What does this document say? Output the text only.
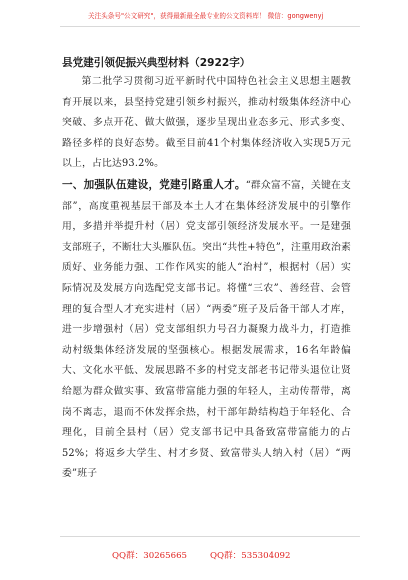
关注头条号"公文研究"，获得最新最全最专业的公文资料库！ 微信：gongwenyj
县党建引领促振兴典型材料（2922字）

第二批学习贯彻习近平新时代中国特色社会主义思想主题教育开展以来，县坚持党建引领乡村振兴，推动村级集体经济中心突破、多点开花、做大做强，逐步呈现出业态多元、形式多变、路径多样的良好态势。截至目前41个村集体经济收入实现5万元以上，占比达93.2%。
一、加强队伍建设，党建引路重人才。“群众富不富，关键在支部”，高度重视基层干部及本土人才在集体经济发展中的引擎作用，多措并举提升村（居）党支部引领经济发展水平。一是建强支部班子，不断壮大头雁队伍。突出“共性+特色”，注重用政治素质好、业务能力强、工作作风实的能人“治村”，根据村（居）实际情况及发展方向选配党支部书记。将懂“三农”、善经营、会管理的复合型人才充实进村（居）“两委”班子及后备干部人才库，进一步增强村（居）党支部组织力号召力凝聚力战斗力，打造推动村级集体经济发展的坚强核心。根据发展需求，16名年龄偏大、文化水平低、发展思路不多的村党支部老书记带头退位让贤给愿为群众做实事、致富带富能力强的年轻人，主动传帮带，离岗不离志，退而不休发挥余热，村干部年龄结构趋于年轻化、合理化，目前全县村（居）党支部书记中具备致富带富能力的占52%；将返乡大学生、村才乡贤、致富带头人纳入村（居）“两委”班子

QQ群：30265665	QQ群：535304092
